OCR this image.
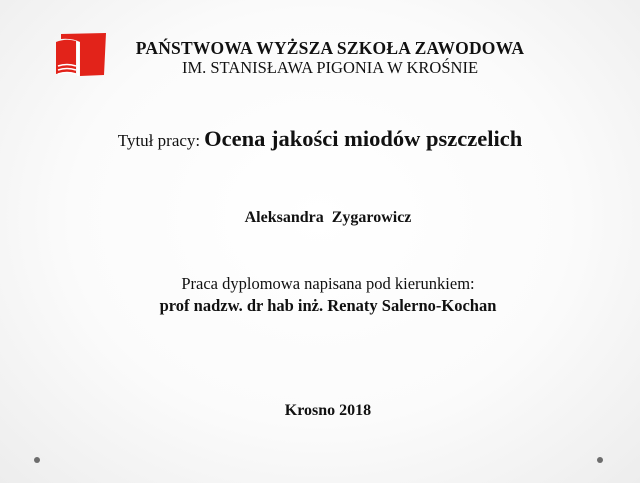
PAŃSTWOWA WYŻSZA SZKOŁA ZAWODOWA
IM. STANISŁAWA PIGONIA W KROŚNIE
Tytuł pracy: Ocena jakości miodów pszczelich
Aleksandra  Zygarowicz
Praca dyplomowa napisana pod kierunkiem:
prof nadzw. dr hab inż. Renaty Salerno-Kochan
Krosno 2018
